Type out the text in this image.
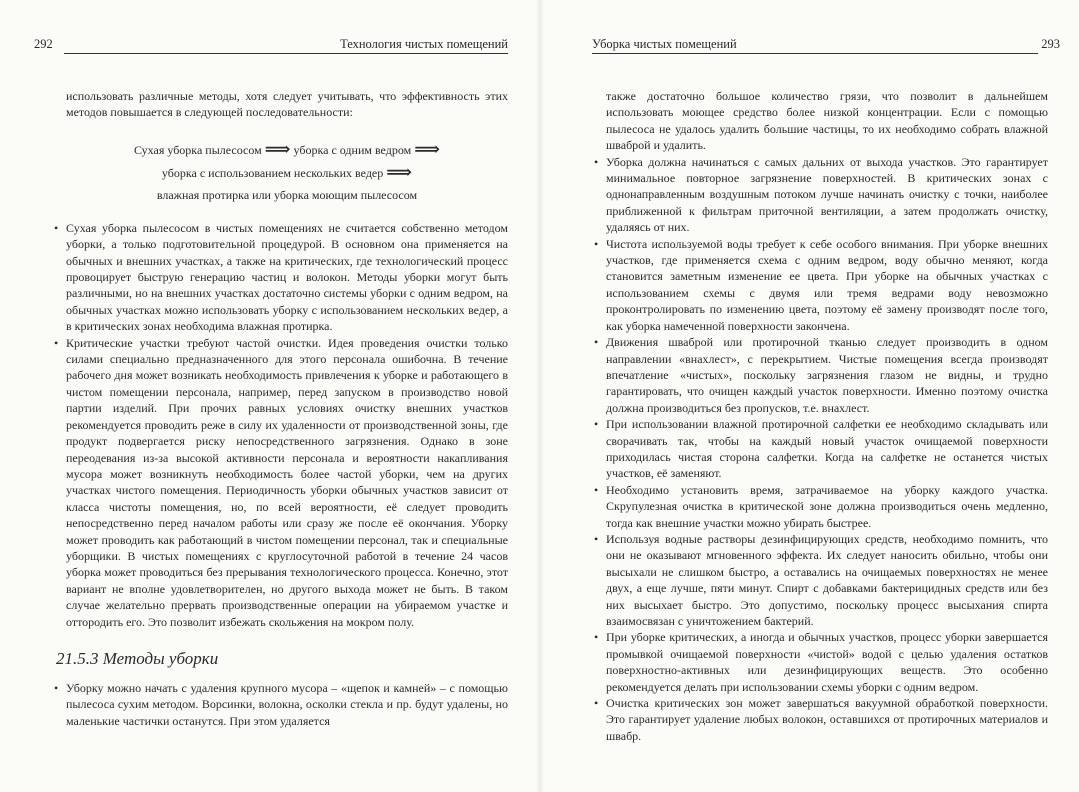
292	Технология чистых помещений

использовать различные методы, хотя следует учитывать, что эффективность этих методов повышается в следующей последовательности:

Сухая уборка пылесосом ⟹ уборка с одним ведром ⟹
уборка с использованием нескольких ведер ⟹
влажная протирка или уборка моющим пылесосом

• Сухая уборка пылесосом в чистых помещениях не считается собственно методом уборки, а только подготовительной процедурой. В основном она применяется на обычных и внешних участках, а также на критических, где технологический процесс провоцирует быструю генерацию частиц и волокон. Методы уборки могут быть различными, но на внешних участках достаточно системы уборки с одним ведром, на обычных участках можно использовать уборку с использованием нескольких ведер, а в критических зонах необходима влажная протирка.

• Критические участки требуют частой очистки. Идея проведения очистки только силами специально предназначенного для этого персонала ошибочна. В течение рабочего дня может возникать необходимость привлечения к уборке и работающего в чистом помещении персонала, например, перед запуском в производство новой партии изделий. При прочих равных условиях очистку внешних участков рекомендуется проводить реже в силу их удаленности от производственной зоны, где продукт подвергается риску непосредственного загрязнения. Однако в зоне переодевания из-за высокой активности персонала и вероятности накапливания мусора может возникнуть необходимость более частой уборки, чем на других участках чистого помещения. Периодичность уборки обычных участков зависит от класса чистоты помещения, но, по всей вероятности, её следует проводить непосредственно перед началом работы или сразу же после её окончания. Уборку может проводить как работающий в чистом помещении персонал, так и специальные уборщики. В чистых помещениях с круглосуточной работой в течение 24 часов уборка может проводиться без прерывания технологического процесса. Конечно, этот вариант не вполне удовлетворителен, но другого выхода может не быть. В таком случае желательно прервать производственные операции на убираемом участке и оттородить его. Это позволит избежать скольжения на мокром полу.

21.5.3 Методы уборки

• Уборку можно начать с удаления крупного мусора – «щепок и камней» – с помощью пылесоса сухим методом. Ворсинки, волокна, осколки стекла и пр. будут удалены, но маленькие частички останутся. При этом удаляется

Уборка чистых помещений	293

также достаточно большое количество грязи, что позволит в дальнейшем использовать моющее средство более низкой концентрации. Если с помощью пылесоса не удалось удалить большие частицы, то их необходимо собрать влажной шваброй и удалить.

• Уборка должна начинаться с самых дальних от выхода участков. Это гарантирует минимальное повторное загрязнение поверхностей. В критических зонах с однонаправленным воздушным потоком лучше начинать очистку с точки, наиболее приближенной к фильтрам приточной вентиляции, а затем продолжать очистку, удаляясь от них.

• Чистота используемой воды требует к себе особого внимания. При уборке внешних участков, где применяется схема с одним ведром, воду обычно меняют, когда становится заметным изменение ее цвета. При уборке на обычных участках с использованием схемы с двумя или тремя ведрами воду невозможно проконтролировать по изменению цвета, поэтому её замену производят после того, как уборка намеченной поверхности закончена.

• Движения шваброй или протирочной тканью следует производить в одном направлении «внахлест», с перекрытием. Чистые помещения всегда производят впечатление «чистых», поскольку загрязнения глазом не видны, и трудно гарантировать, что очищен каждый участок поверхности. Именно поэтому очистка должна производиться без пропусков, т.е. внахлест.

• При использовании влажной протирочной салфетки ее необходимо складывать или сворачивать так, чтобы на каждый новый участок очищаемой поверхности приходилась чистая сторона салфетки. Когда на салфетке не останется чистых участков, её заменяют.

• Необходимо установить время, затрачиваемое на уборку каждого участка. Скрупулезная очистка в критической зоне должна производиться очень медленно, тогда как внешние участки можно убирать быстрее.

• Используя водные растворы дезинфицирующих средств, необходимо помнить, что они не оказывают мгновенного эффекта. Их следует наносить обильно, чтобы они высыхали не слишком быстро, а оставались на очищаемых поверхностях не менее двух, а еще лучше, пяти минут. Спирт с добавками бактерицидных средств или без них высыхает быстро. Это допустимо, поскольку процесс высыхания спирта взаимосвязан с уничтожением бактерий.

• При уборке критических, а иногда и обычных участков, процесс уборки завершается промывкой очищаемой поверхности «чистой» водой с целью удаления остатков поверхностно-активных или дезинфицирующих веществ. Это особенно рекомендуется делать при использовании схемы уборки с одним ведром.

• Очистка критических зон может завершаться вакуумной обработкой поверхности. Это гарантирует удаление любых волокон, оставшихся от протирочных материалов и швабр.
